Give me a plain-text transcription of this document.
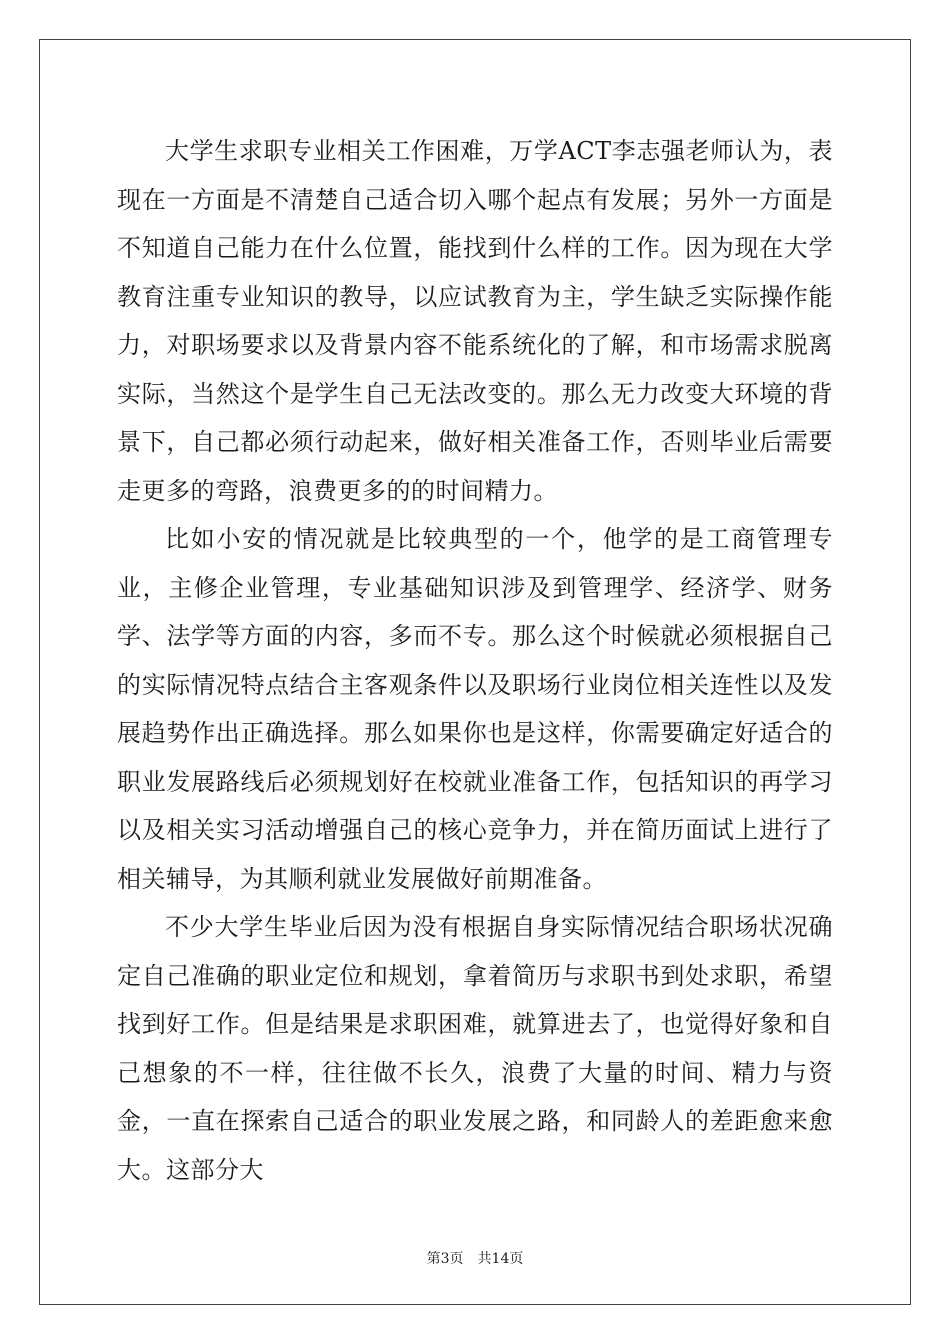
大学生求职专业相关工作困难，万学ACT李志强老师认为，表现在一方面是不清楚自己适合切入哪个起点有发展；另外一方面是不知道自己能力在什么位置，能找到什么样的工作。因为现在大学教育注重专业知识的教导，以应试教育为主，学生缺乏实际操作能力，对职场要求以及背景内容不能系统化的了解，和市场需求脱离实际，当然这个是学生自己无法改变的。那么无力改变大环境的背景下，自己都必须行动起来，做好相关准备工作，否则毕业后需要走更多的弯路，浪费更多的的时间精力。

比如小安的情况就是比较典型的一个，他学的是工商管理专业，主修企业管理，专业基础知识涉及到管理学、经济学、财务学、法学等方面的内容，多而不专。那么这个时候就必须根据自己的实际情况特点结合主客观条件以及职场行业岗位相关连性以及发展趋势作出正确选择。那么如果你也是这样，你需要确定好适合的职业发展路线后必须规划好在校就业准备工作，包括知识的再学习以及相关实习活动增强自己的核心竞争力，并在简历面试上进行了相关辅导，为其顺利就业发展做好前期准备。

不少大学生毕业后因为没有根据自身实际情况结合职场状况确定自己准确的职业定位和规划，拿着简历与求职书到处求职，希望找到好工作。但是结果是求职困难，就算进去了，也觉得好象和自己想象的不一样，往往做不长久，浪费了大量的时间、精力与资金，一直在探索自己适合的职业发展之路，和同龄人的差距愈来愈大。这部分大

第3页 共14页
